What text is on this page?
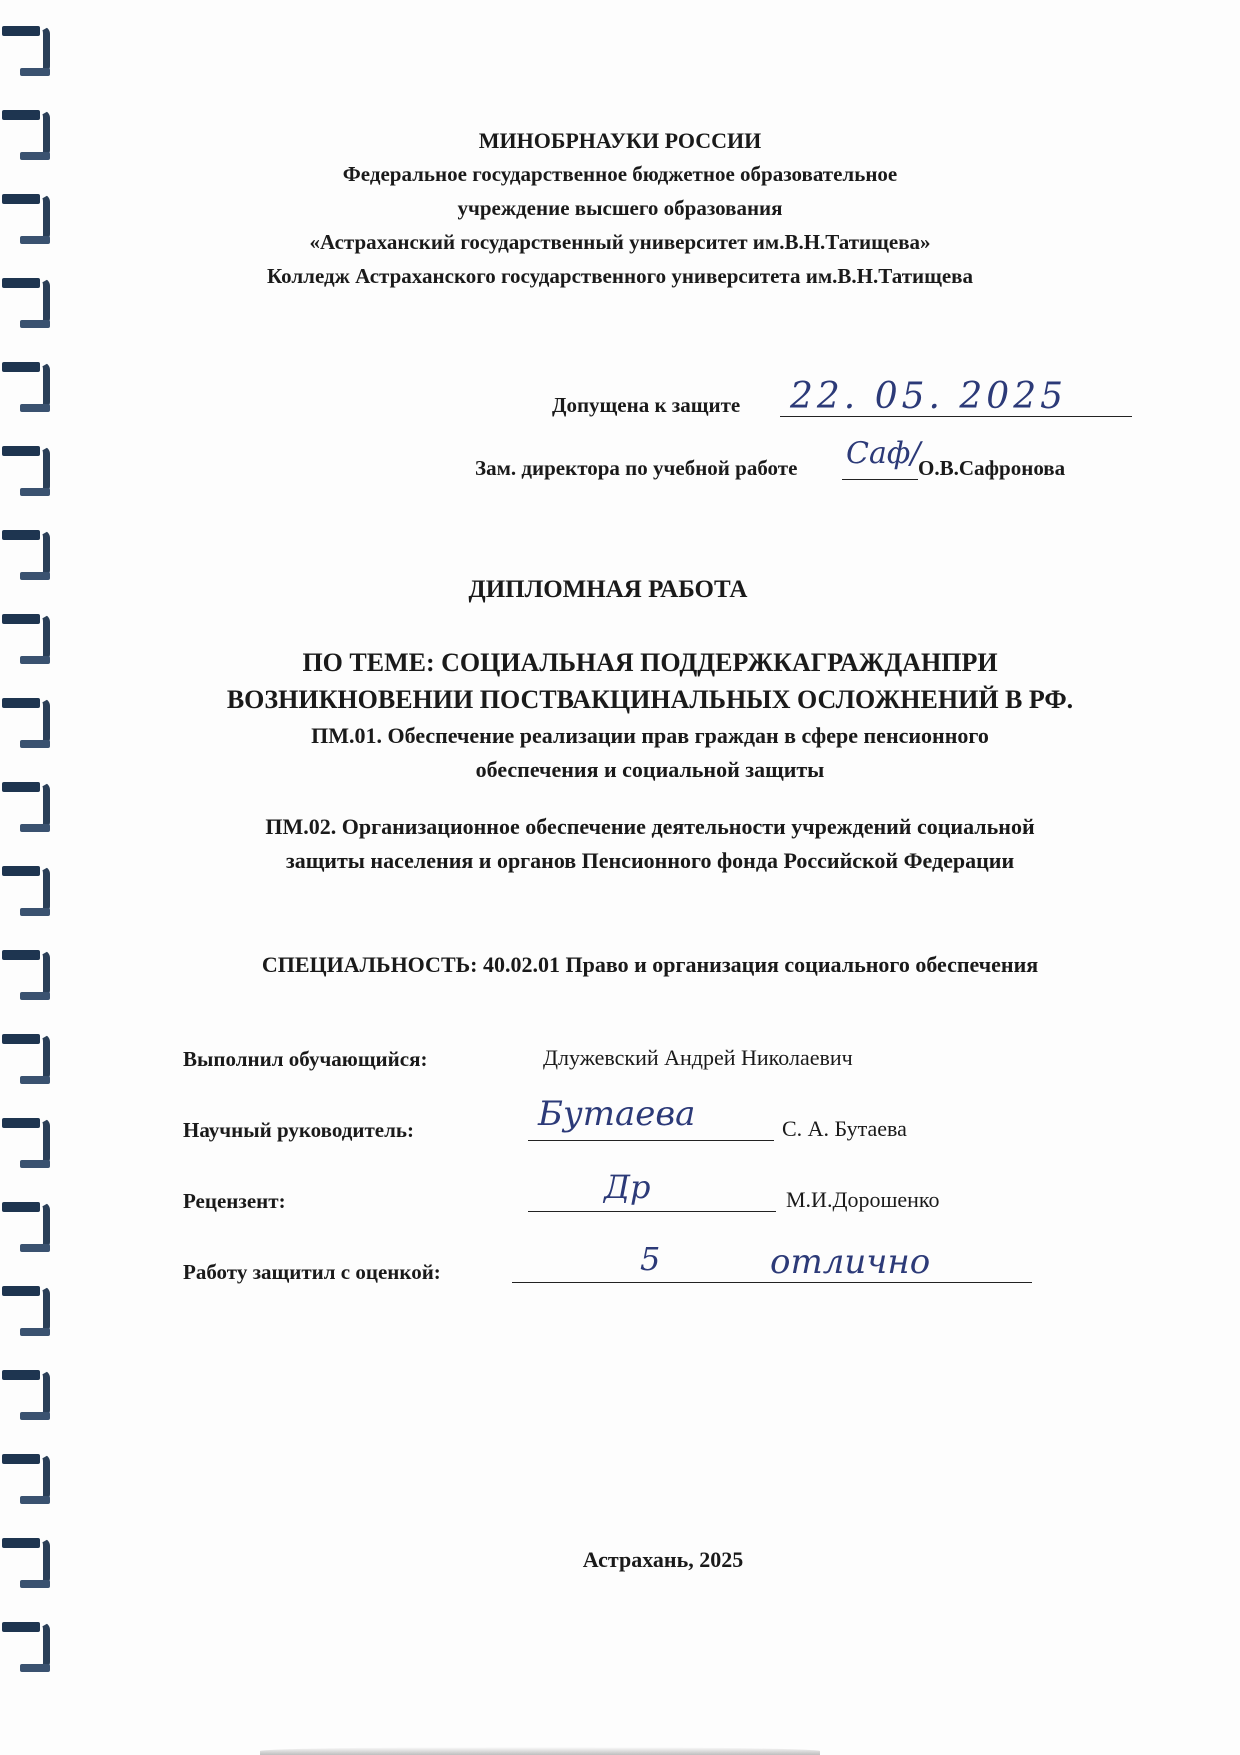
МИНОБРНАУКИ РОССИИ
Федеральное государственное бюджетное образовательное
учреждение высшего образования
«Астраханский государственный университет им.В.Н.Татищева»
Колледж Астраханского государственного университета им.В.Н.Татищева
Допущена к защите 22. 05. 2025
Зам. директора по учебной работе Саф/
О.В.Сафронова
ДИПЛОМНАЯ РАБОТА
ПО ТЕМЕ: СОЦИАЛЬНАЯ ПОДДЕРЖКАГРАЖДАНПРИ
ВОЗНИКНОВЕНИИ ПОСТВАКЦИНАЛЬНЫХ ОСЛОЖНЕНИЙ В РФ.
ПМ.01. Обеспечение реализации прав граждан в сфере пенсионного
обеспечения и социальной защиты
ПМ.02. Организационное обеспечение деятельности учреждений социальной
защиты населения и органов Пенсионного фонда Российской Федерации
СПЕЦИАЛЬНОСТЬ: 40.02.01 Право и организация социального обеспечения
Выполнил обучающийся:	Длужевский Андрей Николаевич
Научный руководитель:	Бутаева	С. А. Бутаева
Рецензент:	Др	М.И.Дорошенко
Работу защитил с оценкой:	5	отлично
Астрахань, 2025
